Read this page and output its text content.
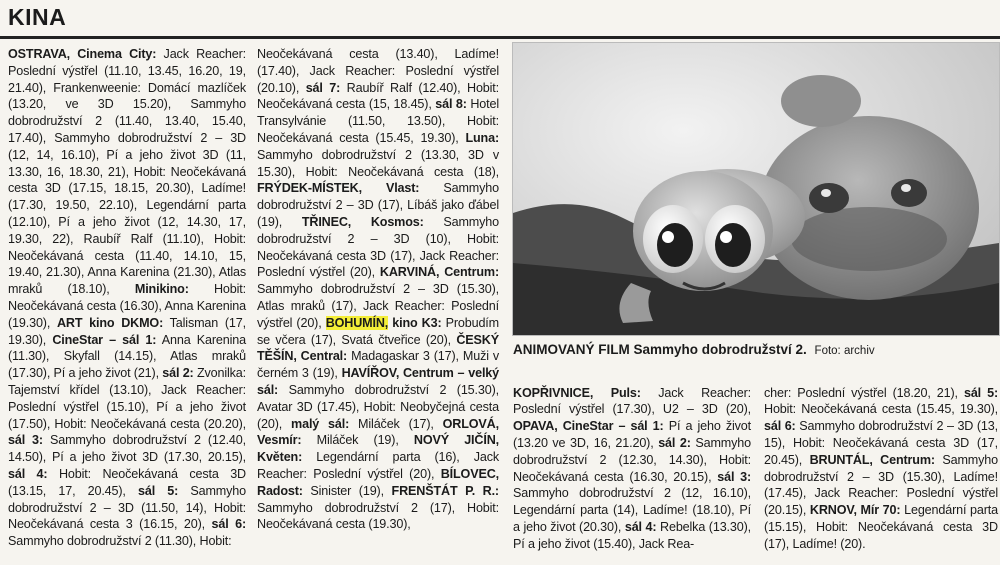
KINA

OSTRAVA, Cinema City: Jack Reacher: Poslední výstřel (11.10, 13.45, 16.20, 19, 21.40), Frankenweenie: Domácí mazlíček (13.20, ve 3D 15.20), Sammyho dobrodružství 2 (11.40, 13.40, 15.40, 17.40), Sammyho dobrodružství 2 – 3D (12, 14, 16.10), Pí a jeho život 3D (11, 13.30, 16, 18.30, 21), Hobit: Neočekávaná cesta 3D (17.15, 18.15, 20.30), Ladíme! (17.30, 19.50, 22.10), Legendární parta (12.10), Pí a jeho život (12, 14.30, 17, 19.30, 22), Raubíř Ralf (11.10), Hobit: Neočekávaná cesta (11.40, 14.10, 15, 19.40, 21.30), Anna Karenina (21.30), Atlas mraků (18.10), Minikino: Hobit: Neočekávaná cesta (16.30), Anna Karenina (19.30), ART kino DKMO: Talisman (17, 19.30), CineStar – sál 1: Anna Karenina (11.30), Skyfall (14.15), Atlas mraků (17.30), Pí a jeho život (21), sál 2: Zvonilka: Tajemství křídel (13.10), Jack Reacher: Poslední výstřel (15.10), Pí a jeho život (17.50), Hobit: Neočekávaná cesta (20.20), sál 3: Sammyho dobrodružství 2 (12.40, 14.50), Pí a jeho život 3D (17.30, 20.15), sál 4: Hobit: Neočekávaná cesta 3D (13.15, 17, 20.45), sál 5: Sammyho dobrodružství 2 – 3D (11.50, 14), Hobit: Neočekávaná cesta 3 (16.15, 20), sál 6: Sammyho dobrodružství 2 (11.30), Hobit:

Neočekávaná cesta (13.40), Ladíme! (17.40), Jack Reacher: Poslední výstřel (20.10), sál 7: Raubíř Ralf (12.40), Hobit: Neočekávaná cesta (15, 18.45), sál 8: Hotel Transylvánie (11.50, 13.50), Hobit: Neočekávaná cesta (15.45, 19.30), Luna: Sammyho dobrodružství 2 (13.30, 3D v 15.30), Hobit: Neočekávaná cesta (18), FRÝDEK-MÍSTEK, Vlast: Sammyho dobrodružství 2 – 3D (17), Líbáš jako ďábel (19), TŘINEC, Kosmos: Sammyho dobrodružství 2 – 3D (10), Hobit: Neočekávaná cesta 3D (17), Jack Reacher: Poslední výstřel (20), KARVINÁ, Centrum: Sammyho dobrodružství 2 – 3D (15.30), Atlas mraků (17), Jack Reacher: Poslední výstřel (20), BOHUMÍN, kino K3: Probudím se včera (17), Svatá čtveřice (20), ČESKÝ TĚŠÍN, Central: Madagaskar 3 (17), Muži v černém 3 (19), HAVÍŘOV, Centrum – velký sál: Sammyho dobrodružství 2 (15.30), Avatar 3D (17.45), Hobit: Neobyčejná cesta (20), malý sál: Miláček (17), ORLOVÁ, Vesmír: Miláček (19), NOVÝ JIČÍN, Květen: Legendární parta (16), Jack Reacher: Poslední výstřel (20), BÍLOVEC, Radost: Sinister (19), FRENŠTÁT P. R.: Sammyho dobrodružství 2 (17), Hobit: Neočekávaná cesta (19.30),

ANIMOVANÝ FILM Sammyho dobrodružství 2. Foto: archiv

KOPŘIVNICE, Puls: Jack Reacher: Poslední výstřel (17.30), U2 – 3D (20), OPAVA, CineStar – sál 1: Pí a jeho život (13.20 ve 3D, 16, 21.20), sál 2: Sammyho dobrodružství 2 (12.30, 14.30), Hobit: Neočekávaná cesta (16.30, 20.15), sál 3: Sammyho dobrodružství 2 (12, 16.10), Legendární parta (14), Ladíme! (18.10), Pí a jeho život (20.30), sál 4: Rebelka (13.30), Pí a jeho život (15.40), Jack Rea-

cher: Poslední výstřel (18.20, 21), sál 5: Hobit: Neočekávaná cesta (15.45, 19.30), sál 6: Sammyho dobrodružství 2 – 3D (13, 15), Hobit: Neočekávaná cesta 3D (17, 20.45), BRUNTÁL, Centrum: Sammyho dobrodružství 2 – 3D (15.30), Ladíme! (17.45), Jack Reacher: Poslední výstřel (20.15), KRNOV, Mír 70: Legendární parta (15.15), Hobit: Neočekávaná cesta 3D (17), Ladíme! (20).
